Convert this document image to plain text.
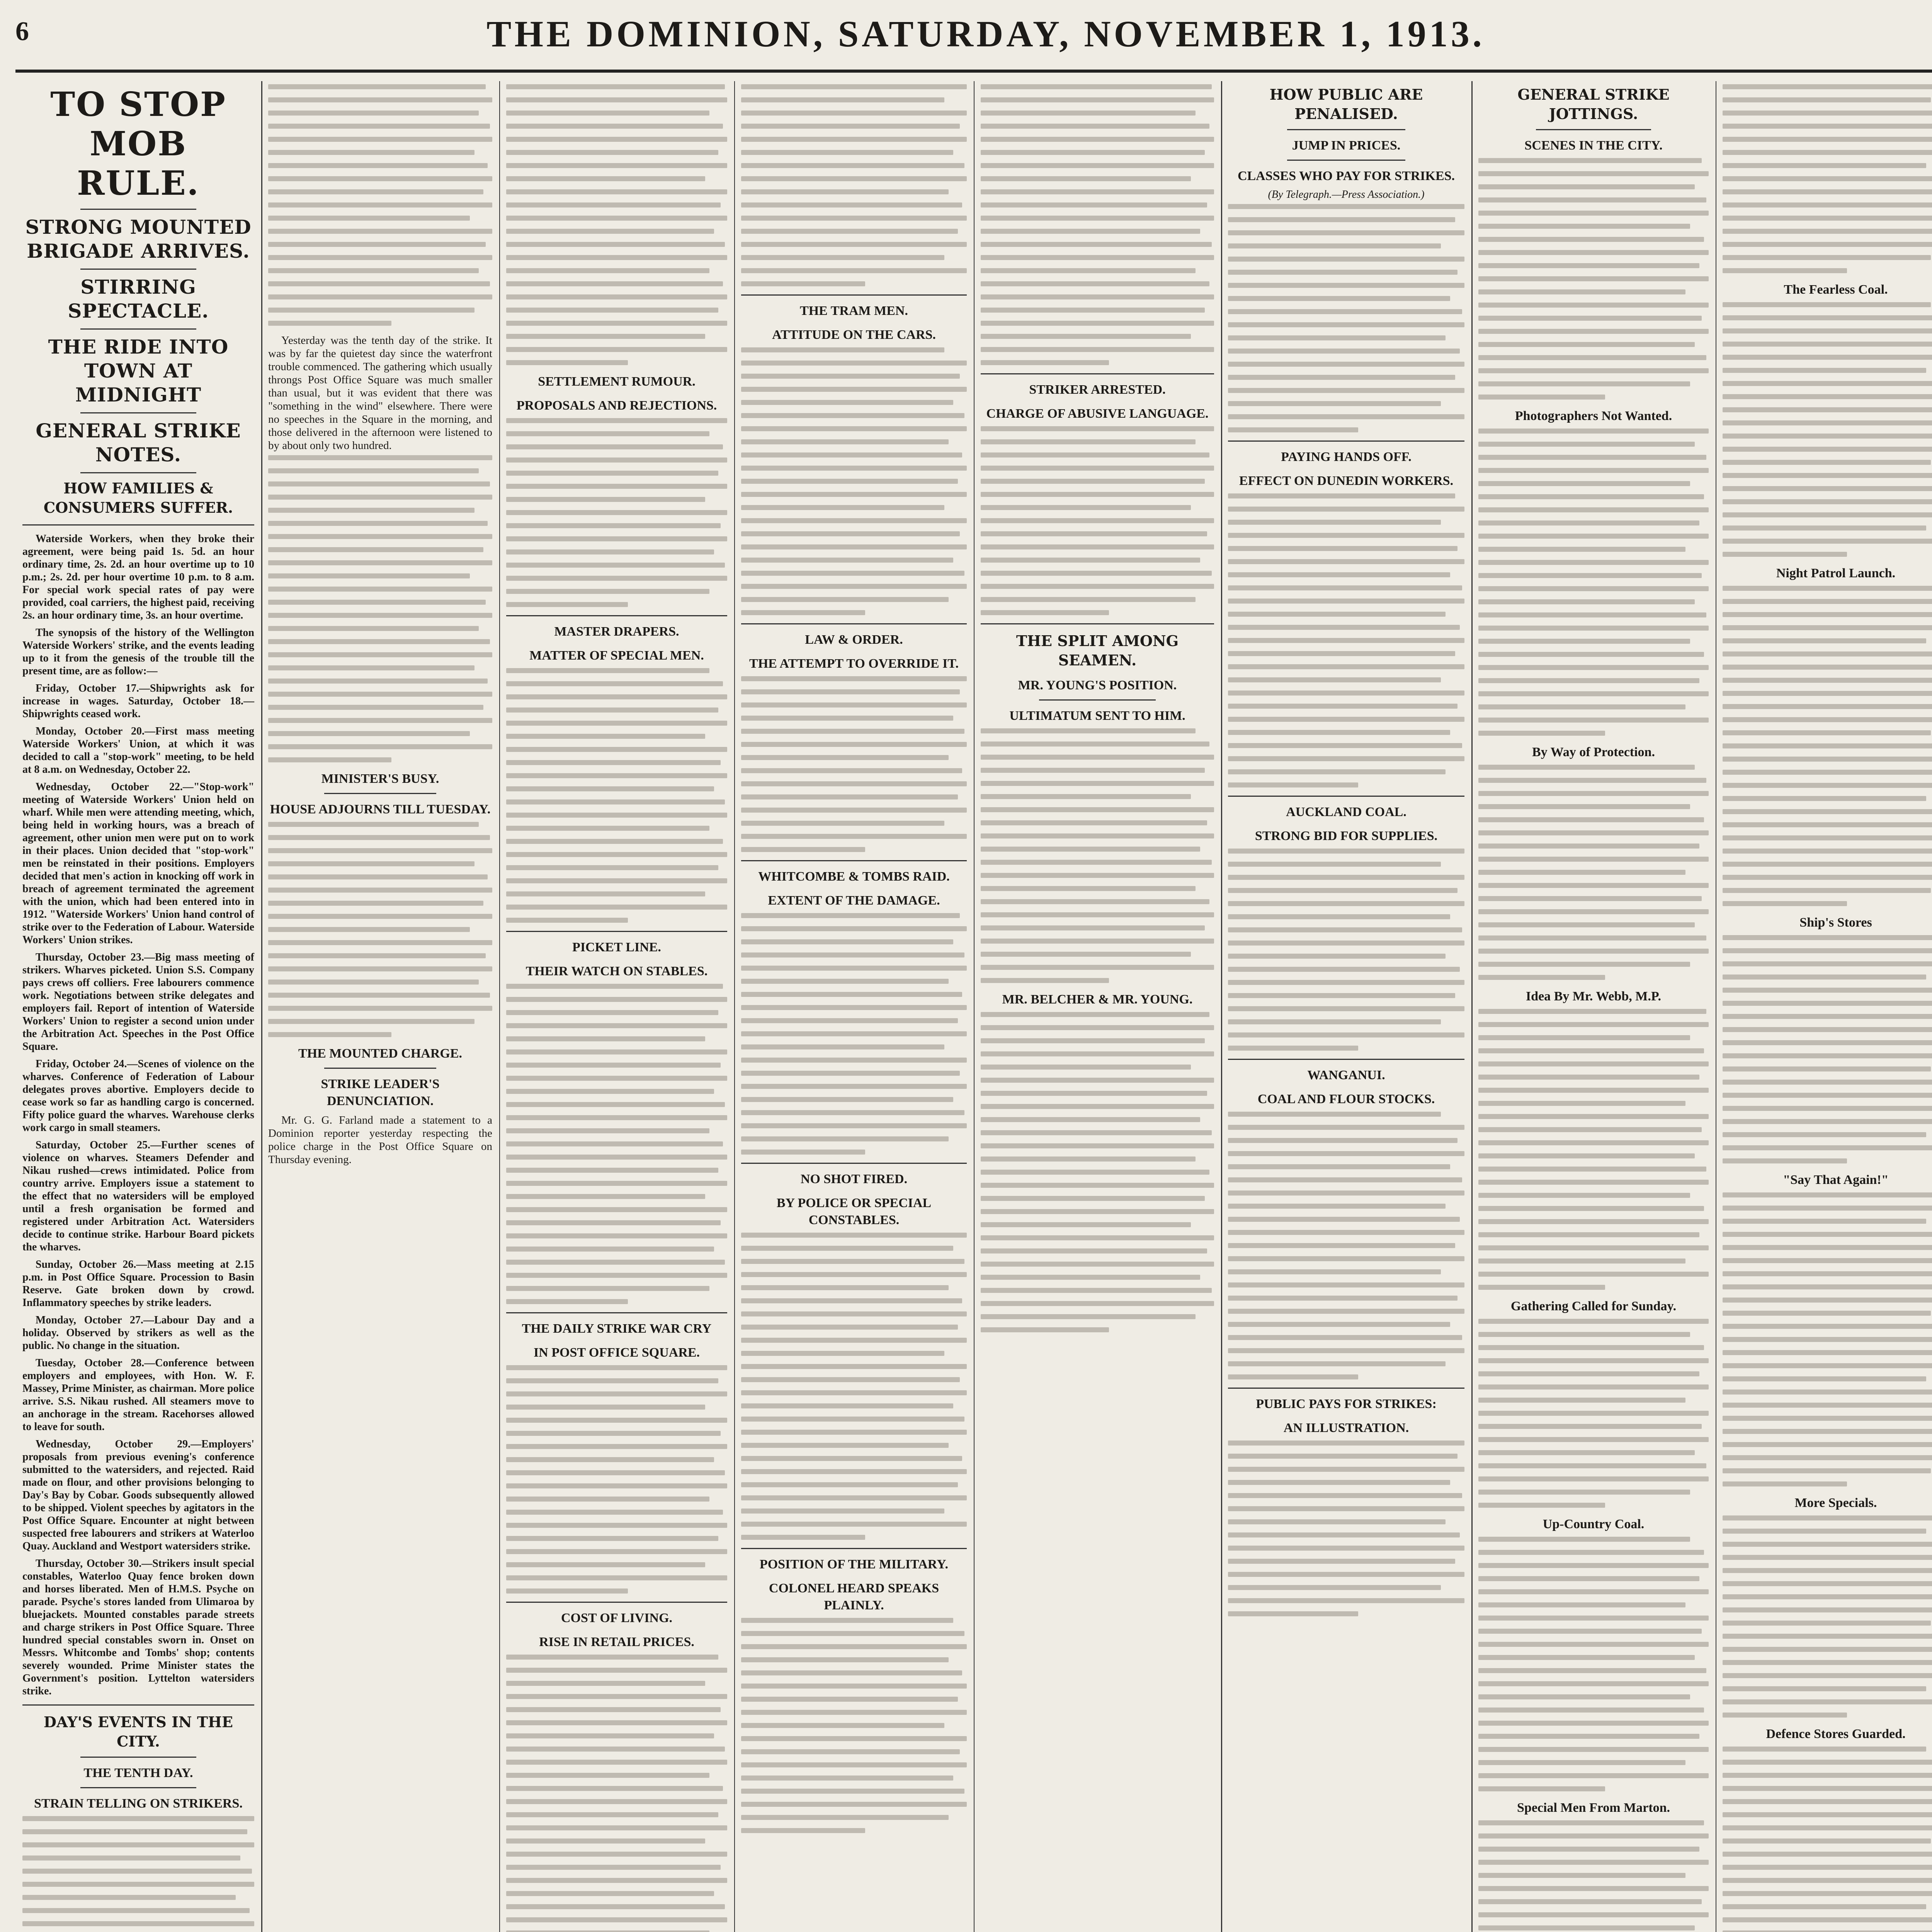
6	THE DOMINION, SATURDAY, NOVEMBER 1, 1913.
TO STOP MOB RULE.
STRONG MOUNTED BRIGADE ARRIVES.
STIRRING SPECTACLE.
THE RIDE INTO TOWN AT MIDNIGHT
GENERAL STRIKE NOTES.
HOW FAMILIES & CONSUMERS SUFFER.

Waterside Workers, when they broke their agreement, were being paid 1s. 5d. an hour ordinary time, 2s. 2d. an hour overtime up to 10 p.m.; 2s. 2d. per hour overtime 10 p.m. to 8 a.m. For special work special rates of pay were provided, coal carriers, the highest paid, receiving 2s. an hour ordinary time, 3s. an hour overtime.

The synopsis of the history of the Wellington Waterside Workers' strike, and the events leading up to it from the genesis of the trouble till the present time, are as follow:—

Friday, October 17.—Shipwrights ask for increase in wages. Saturday, October 18.—Shipwrights ceased work.

Monday, October 20.—First mass meeting Waterside Workers' Union, at which it was decided to call a "stop-work" meeting, to be held at 8 a.m. on Wednesday, October 22.

Wednesday, October 22.—"Stop-work" meeting of Waterside Workers' Union held on wharf. While men were attending meeting, which, being held in working hours, was a breach of agreement, other union men were put on to work in their places. Union decided that "stop-work" men be reinstated in their positions. Employers decided that men's action in knocking off work in breach of agreement terminated the agreement with the union, which had been entered into in 1912. "Waterside Workers' Union hand control of strike over to the Federation of Labour. Waterside Workers' Union strikes.

Thursday, October 23.—Big mass meeting of strikers. Wharves picketed. Union S.S. Company pays crews off colliers. Free labourers commence work. Negotiations between strike delegates and employers fail. Report of intention of Waterside Workers' Union to register a second union under the Arbitration Act. Speeches in the Post Office Square.

Friday, October 24.—Scenes of violence on the wharves. Conference of Federation of Labour delegates proves abortive. Employers decide to cease work so far as handling cargo is concerned. Fifty police guard the wharves. Warehouse clerks work cargo in small steamers.

Saturday, October 25.—Further scenes of violence on wharves. Steamers Defender and Nikau rushed—crews intimidated. Police from country arrive. Employers issue a statement to the effect that no watersiders will be employed until a fresh organisation be formed and registered under Arbitration Act. Watersiders decide to continue strike. Harbour Board pickets the wharves.

Sunday, October 26.—Mass meeting at 2.15 p.m. in Post Office Square. Procession to Basin Reserve. Gate broken down by crowd. Inflammatory speeches by strike leaders.

Monday, October 27.—Labour Day and a holiday. Observed by strikers as well as the public. No change in the situation.

Tuesday, October 28.—Conference between employers and employees, with Hon. W. F. Massey, Prime Minister, as chairman. More police arrive. S.S. Nikau rushed. All steamers move to an anchorage in the stream. Racehorses allowed to leave for south.

Wednesday, October 29.—Employers' proposals from previous evening's conference submitted to the watersiders, and rejected. Raid made on flour, and other provisions belonging to Day's Bay by Cobar. Goods subsequently allowed to be shipped. Violent speeches by agitators in the Post Office Square. Encounter at night between suspected free labourers and strikers at Waterloo Quay. Auckland and Westport watersiders strike.

Thursday, October 30.—Strikers insult special constables, Waterloo Quay fence broken down and horses liberated. Men of H.M.S. Psyche on parade. Psyche's stores landed from Ulimaroa by bluejackets. Mounted constables parade streets and charge strikers in Post Office Square. Three hundred special constables sworn in. Onset on Messrs. Whitcombe and Tombs' shop; contents severely wounded. Prime Minister states the Government's position. Lyttelton watersiders strike.

DAY'S EVENTS IN THE CITY.
THE TENTH DAY.
STRAIN TELLING ON STRIKERS.

Yesterday was the tenth day of the strike. It was by far the quietest day since the waterfront trouble commenced. The gathering which usually throngs Post Office Square was much smaller than usual, but it was evident that there was "something in the wind" elsewhere. There were no speeches in the Square in the morning, and those delivered in the afternoon were listened to by about only two hundred.

MINISTER'S BUSY.
HOUSE ADJOURNS TILL TUESDAY.
THE MOUNTED CHARGE.
STRIKE LEADER'S DENUNCIATION.

Mr. G. G. Farland made a statement to a Dominion reporter yesterday respecting the police charge in the Post Office Square on Thursday evening.

SETTLEMENT RUMOUR.
PROPOSALS AND REJECTIONS.
MASTER DRAPERS.
MATTER OF SPECIAL MEN.
PICKET LINE.
THEIR WATCH ON STABLES.
THE DAILY STRIKE WAR CRY
IN POST OFFICE SQUARE.
COST OF LIVING.
RISE IN RETAIL PRICES.
THE TRAM MEN.
ATTITUDE ON THE CARS.
LAW & ORDER.
THE ATTEMPT TO OVERRIDE IT.
WHITCOMBE & TOMBS RAID.
EXTENT OF THE DAMAGE.
NO SHOT FIRED.
BY POLICE OR SPECIAL CONSTABLES.
POSITION OF THE MILITARY.
COLONEL HEARD SPEAKS PLAINLY.
STRIKER ARRESTED.
CHARGE OF ABUSIVE LANGUAGE.
THE SPLIT AMONG SEAMEN.
MR. YOUNG'S POSITION.
ULTIMATUM SENT TO HIM.
MR. BELCHER & MR. YOUNG.
HOW PUBLIC ARE PENALISED.
JUMP IN PRICES.
CLASSES WHO PAY FOR STRIKES.
(By Telegraph.—Press Association.)
PAYING HANDS OFF.
EFFECT ON DUNEDIN WORKERS.
AUCKLAND COAL.
STRONG BID FOR SUPPLIES.
WANGANUI.
COAL AND FLOUR STOCKS.
PUBLIC PAYS FOR STRIKES:
AN ILLUSTRATION.
GENERAL STRIKE JOTTINGS.
SCENES IN THE CITY.
Photographers Not Wanted.
By Way of Protection.
Idea By Mr. Webb, M.P.
Gathering Called for Sunday.
Up-Country Coal.
Special Men From Marton.
The Fearless Coal.
Night Patrol Launch.
Ship's Stores
"Say That Again!"
More Specials.
Defence Stores Guarded.
